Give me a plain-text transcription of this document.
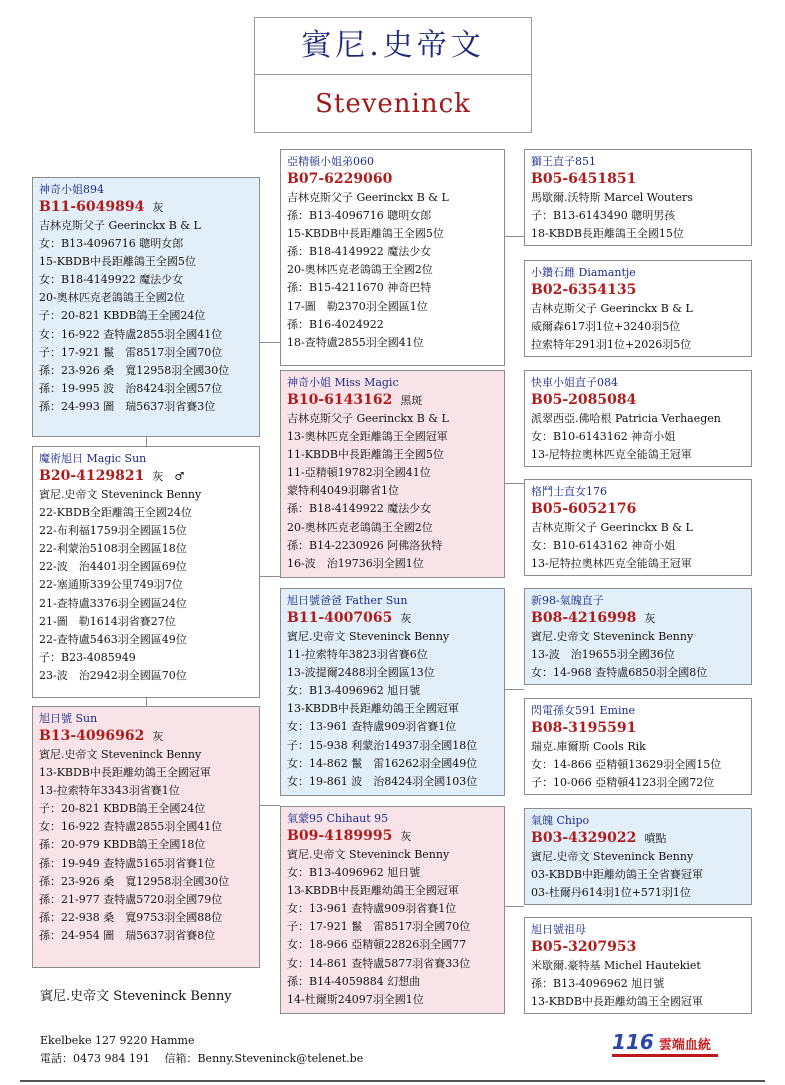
賓尼.史帝文
Steveninck
神奇小姐894
B11-6049894 灰
吉林克斯父子 Geerinckx B & L
女：B13-4096716 聰明女郎
15-KBDB中長距離鴿王全國5位
女：B18-4149922 魔法少女
20-奧林匹克老鴿鴿王全國2位
子：20-821 KBDB鴿王全國24位
女：16-922 查特盧2855羽全國41位
子：17-921 鬣　雷8517羽全國70位
孫：23-926 桑　寬12958羽全國30位
孫：19-995 波　治8424羽全國57位
孫：24-993 圖　瑞5637羽省賽3位
魔術旭日 Magic Sun
B20-4129821 灰　♂
賓尼.史帝文 Steveninck Benny
22-KBDB全距離鴿王全國24位
22-布利福1759羽全國區15位
22-利蒙治5108羽全國區18位
22-波　治4401羽全國區69位
22-塞通斯339公里749羽7位
21-查特盧3376羽全國區24位
21-圖　勒1614羽省賽27位
22-查特盧5463羽全國區49位
子：B23-4085949
23-波　治2942羽全國區70位
旭日號 Sun
B13-4096962 灰
賓尼.史帝文 Steveninck Benny
13-KBDB中長距離幼鴿王全國冠軍
13-拉索特年3343羽省賽1位
子：20-821 KBDB鴿王全國24位
女：16-922 查特盧2855羽全國41位
孫：20-979 KBDB鴿王全國18位
孫：19-949 查特盧5165羽省賽1位
孫：23-926 桑　寬12958羽全國30位
孫：21-977 查特盧5720羽全國79位
孫：22-938 桑　寬9753羽全國88位
孫：24-954 圖　瑞5637羽省賽8位
亞精頓小姐弟060
B07-6229060
吉林克斯父子 Geerinckx B & L
孫：B13-4096716 聰明女郎
15-KBDB中長距離鴿王全國5位
孫：B18-4149922 魔法少女
20-奧林匹克老鴿鴿王全國2位
孫：B15-4211670 神奇巴特
17-圖　勒2370羽全國區1位
孫：B16-4024922
18-查特盧2855羽全國41位
神奇小姐 Miss Magic
B10-6143162 黑斑
吉林克斯父子 Geerinckx B & L
13-奧林匹克全距離鴿王全國冠軍
11-KBDB中長距離鴿王全國5位
11-亞精頓19782羽全國41位
蒙特利4049羽聯省1位
孫：B18-4149922 魔法少女
20-奧林匹克老鴿鴿王全國2位
孫：B14-2230926 阿佛洛狄特
16-波　治19736羽全國1位
旭日號爸爸 Father Sun
B11-4007065 灰
賓尼.史帝文 Steveninck Benny
11-拉索特年3823羽省賽6位
13-波提爾2488羽全國區13位
女：B13-4096962 旭日號
13-KBDB中長距離幼鴿王全國冠軍
女：13-961 查特盧909羽省賽1位
子：15-938 利蒙治14937羽全國18位
女：14-862 鬣　雷16262羽全國49位
女：19-861 波　治8424羽全國103位
氣蒙95 Chihaut 95
B09-4189995 灰
賓尼.史帝文 Steveninck Benny
女：B13-4096962 旭日號
13-KBDB中長距離幼鴿王全國冠軍
女：13-961 查特盧909羽省賽1位
子：17-921 鬣　雷8517羽全國70位
女：18-966 亞精頓22826羽全國77
女：14-861 查特盧5877羽省賽33位
孫：B14-4059884 幻想曲
14-杜爾斯24097羽全國1位
獅王直子851
B05-6451851
馬歇爾.沃特斯 Marcel Wouters
子：B13-6143490 聰明男孩
18-KBDB長距離鴿王全國15位
小鑽石雌 Diamantje
B02-6354135
吉林克斯父子 Geerinckx B & L
威爾森617羽1位+3240羽5位
拉索特年291羽1位+2026羽5位
快車小姐直子084
B05-2085084
派翠西亞.佛哈根 Patricia Verhaegen
女：B10-6143162 神奇小姐
13-尼特拉奧林匹克全能鴿王冠軍
格鬥士直女176
B05-6052176
吉林克斯父子 Geerinckx B & L
女：B10-6143162 神奇小姐
13-尼特拉奧林匹克全能鴿王冠軍
新98-氣魄直子
B08-4216998 灰
賓尼.史帝文 Steveninck Benny
13-波　治19655羽全國36位
女：14-968 查特盧6850羽全國8位
閃電孫女591 Emine
B08-3195591
瑞克.庫爾斯 Cools Rik
女：14-866 亞精頓13629羽全國15位
子：10-066 亞精頓4123羽全國72位
氣魄 Chipo
B03-4329022 噴點
賓尼.史帝文 Steveninck Benny
03-KBDB中距離幼鴿王全省賽冠軍
03-杜爾丹614羽1位+571羽1位
旭日號祖母
B05-3207953
米歇爾.豪特基 Michel Hautekiet
孫：B13-4096962 旭日號
13-KBDB中長距離幼鴿王全國冠軍
賓尼.史帝文 Steveninck Benny
Ekelbeke 127 9220 Hamme
電話：0473 984 191　 信箱：Benny.Steveninck@telenet.be
116 雲端血統
